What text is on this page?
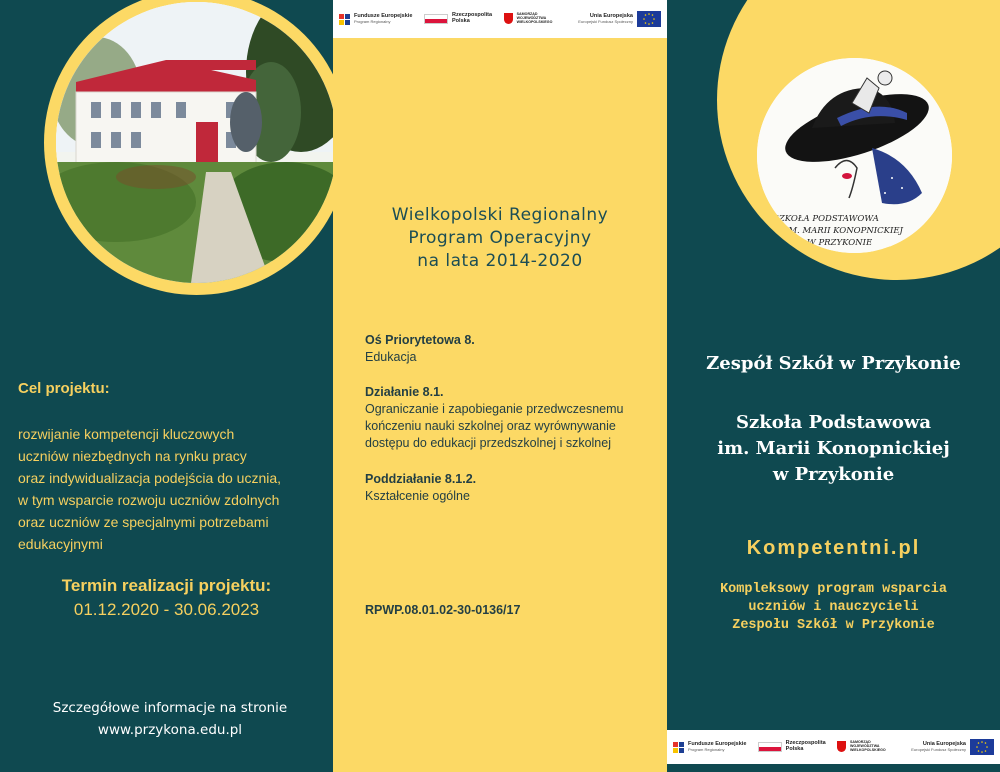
Cel projektu:
rozwijanie kompetencji kluczowych
uczniów niezbędnych na rynku pracy
oraz indywidualizacja podejścia do ucznia,
w tym wsparcie rozwoju uczniów zdolnych
oraz uczniów ze specjalnymi potrzebami
edukacyjnymi
Termin realizacji projektu:
01.12.2020 - 30.06.2023
Szczegółowe informacje na stronie
www.przykona.edu.pl
Fundusze Europejskie
Program Regionalny
Rzeczpospolita Polska
SAMORZĄD WOJEWÓDZTWA WIELKOPOLSKIEGO
Unia Europejska
Europejski Fundusz Społeczny
Wielkopolski Regionalny
Program Operacyjny
na lata 2014-2020
Oś Priorytetowa 8.
Edukacja
Działanie 8.1.
Ograniczanie i zapobieganie przedwczesnemu
kończeniu nauki szkolnej oraz wyrównywanie
dostępu do edukacji przedszkolnej i szkolnej
Poddziałanie 8.1.2.
Kształcenie ogólne
RPWP.08.01.02-30-0136/17
SZKOŁA PODSTAWOWA
IM. MARII KONOPNICKIEJ
W PRZYKONIE
Zespół Szkół w Przykonie
Szkoła Podstawowa
im. Marii Konopnickiej
w Przykonie
Kompetentni.pl
Kompleksowy program wsparcia
uczniów i nauczycieli
Zespołu Szkół w Przykonie
Fundusze Europejskie
Program Regionalny
Rzeczpospolita Polska
SAMORZĄD WOJEWÓDZTWA WIELKOPOLSKIEGO
Unia Europejska
Europejski Fundusz Społeczny
